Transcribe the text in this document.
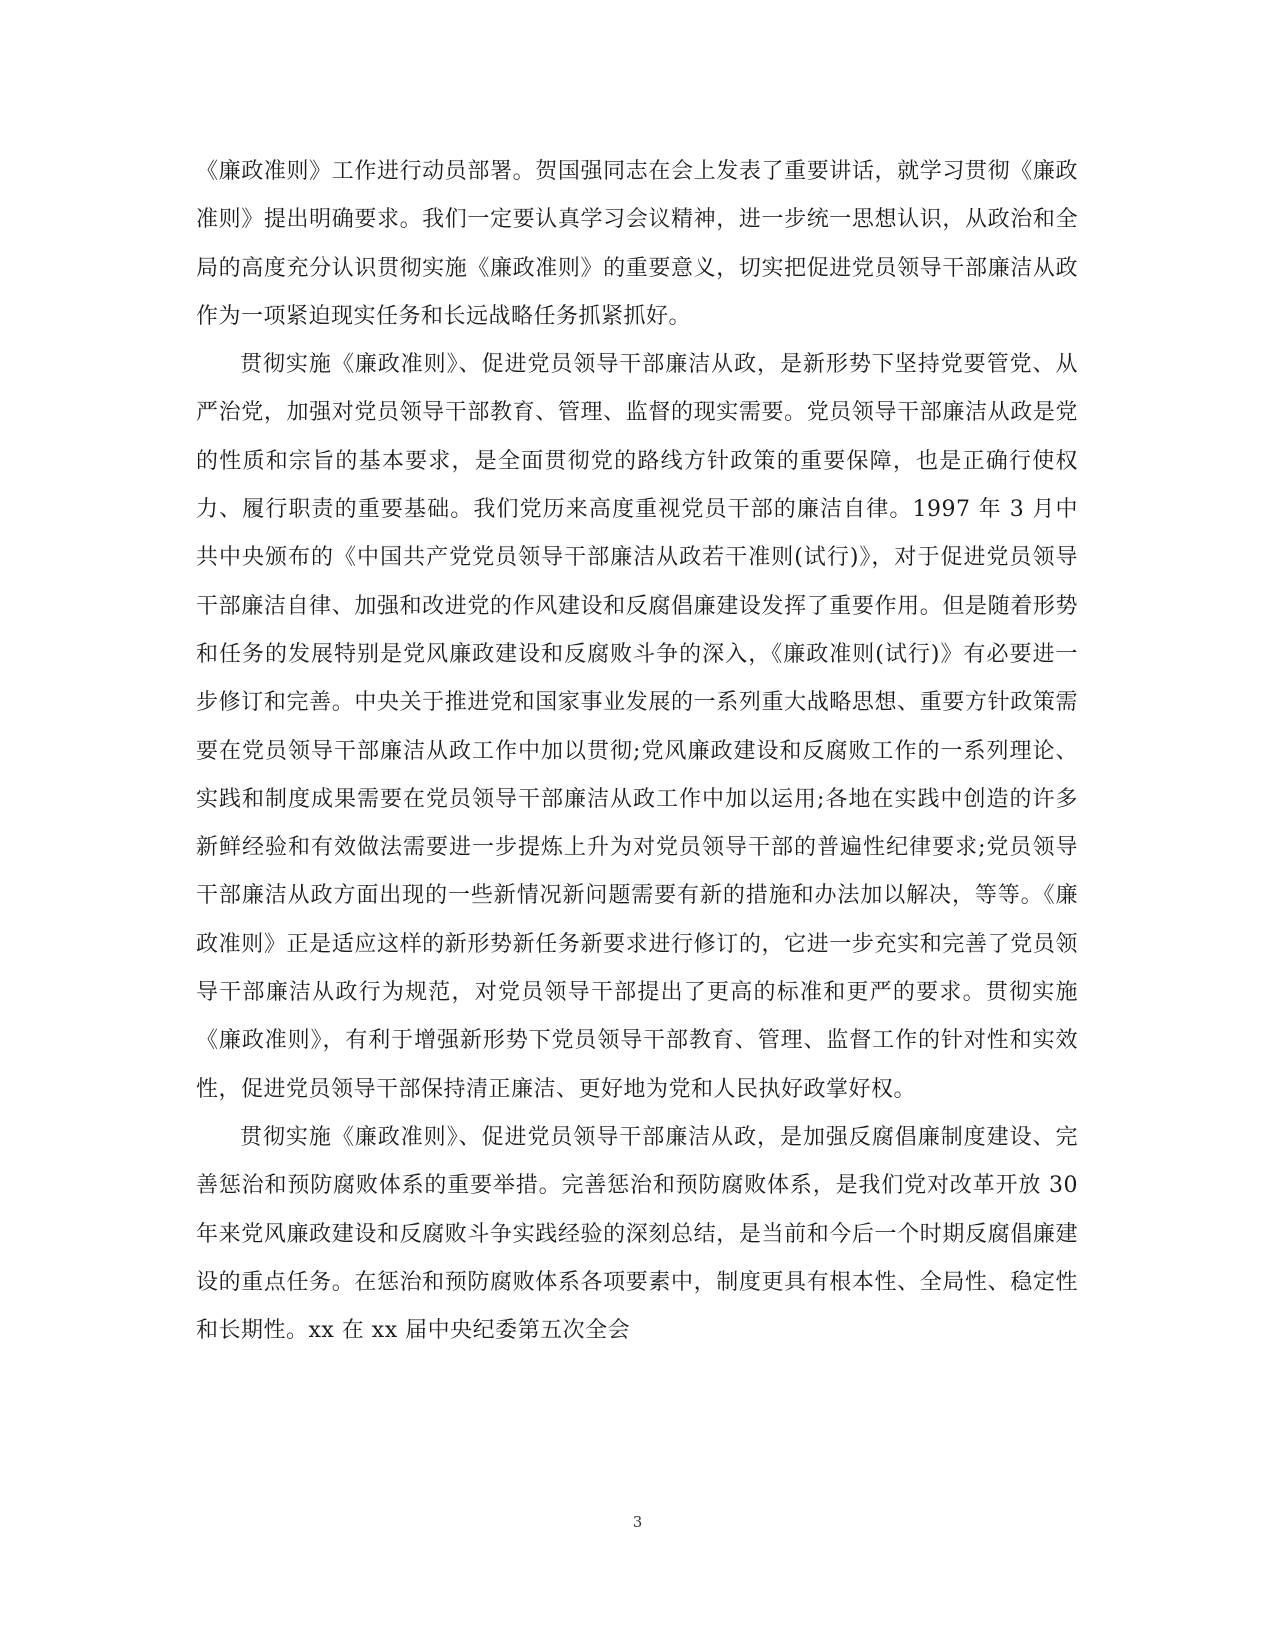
《廉政准则》工作进行动员部署。贺国强同志在会上发表了重要讲话，就学习贯彻《廉政准则》提出明确要求。我们一定要认真学习会议精神，进一步统一思想认识，从政治和全局的高度充分认识贯彻实施《廉政准则》的重要意义，切实把促进党员领导干部廉洁从政作为一项紧迫现实任务和长远战略任务抓紧抓好。

贯彻实施《廉政准则》、促进党员领导干部廉洁从政，是新形势下坚持党要管党、从严治党，加强对党员领导干部教育、管理、监督的现实需要。党员领导干部廉洁从政是党的性质和宗旨的基本要求，是全面贯彻党的路线方针政策的重要保障，也是正确行使权力、履行职责的重要基础。我们党历来高度重视党员干部的廉洁自律。1997 年 3 月中共中央颁布的《中国共产党党员领导干部廉洁从政若干准则(试行)》，对于促进党员领导干部廉洁自律、加强和改进党的作风建设和反腐倡廉建设发挥了重要作用。但是随着形势和任务的发展特别是党风廉政建设和反腐败斗争的深入，《廉政准则(试行)》有必要进一步修订和完善。中央关于推进党和国家事业发展的一系列重大战略思想、重要方针政策需要在党员领导干部廉洁从政工作中加以贯彻;党风廉政建设和反腐败工作的一系列理论、实践和制度成果需要在党员领导干部廉洁从政工作中加以运用;各地在实践中创造的许多新鲜经验和有效做法需要进一步提炼上升为对党员领导干部的普遍性纪律要求;党员领导干部廉洁从政方面出现的一些新情况新问题需要有新的措施和办法加以解决，等等。《廉政准则》正是适应这样的新形势新任务新要求进行修订的，它进一步充实和完善了党员领导干部廉洁从政行为规范，对党员领导干部提出了更高的标准和更严的要求。贯彻实施《廉政准则》，有利于增强新形势下党员领导干部教育、管理、监督工作的针对性和实效性，促进党员领导干部保持清正廉洁、更好地为党和人民执好政掌好权。

贯彻实施《廉政准则》、促进党员领导干部廉洁从政，是加强反腐倡廉制度建设、完善惩治和预防腐败体系的重要举措。完善惩治和预防腐败体系，是我们党对改革开放 30 年来党风廉政建设和反腐败斗争实践经验的深刻总结，是当前和今后一个时期反腐倡廉建设的重点任务。在惩治和预防腐败体系各项要素中，制度更具有根本性、全局性、稳定性和长期性。xx 在 xx 届中央纪委第五次全会

3
